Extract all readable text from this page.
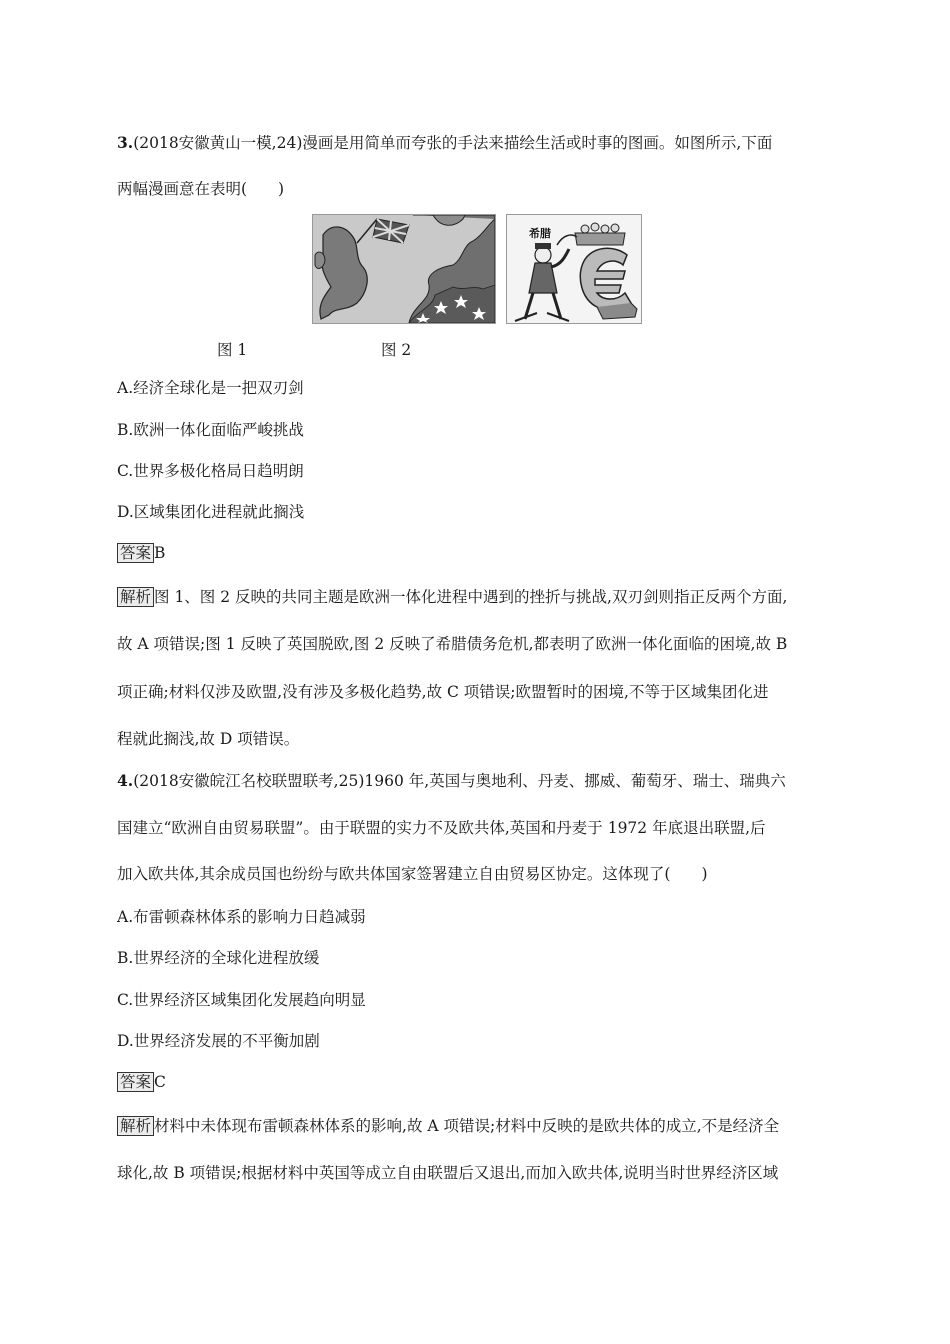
3.(2018安徽黄山一模,24)漫画是用简单而夸张的手法来描绘生活或时事的图画。如图所示,下面
两幅漫画意在表明(　　)
希腊
图 1	图 2
A.经济全球化是一把双刃剑
B.欧洲一体化面临严峻挑战
C.世界多极化格局日趋明朗
D.区域集团化进程就此搁浅
答案 B
解析 图 1、图 2 反映的共同主题是欧洲一体化进程中遇到的挫折与挑战,双刃剑则指正反两个方面,
故 A 项错误;图 1 反映了英国脱欧,图 2 反映了希腊债务危机,都表明了欧洲一体化面临的困境,故 B
项正确;材料仅涉及欧盟,没有涉及多极化趋势,故 C 项错误;欧盟暂时的困境,不等于区域集团化进
程就此搁浅,故 D 项错误。
4.(2018安徽皖江名校联盟联考,25)1960 年,英国与奥地利、丹麦、挪威、葡萄牙、瑞士、瑞典六
国建立“欧洲自由贸易联盟”。由于联盟的实力不及欧共体,英国和丹麦于 1972 年底退出联盟,后
加入欧共体,其余成员国也纷纷与欧共体国家签署建立自由贸易区协定。这体现了(　　)
A.布雷顿森林体系的影响力日趋减弱
B.世界经济的全球化进程放缓
C.世界经济区域集团化发展趋向明显
D.世界经济发展的不平衡加剧
答案 C
解析 材料中未体现布雷顿森林体系的影响,故 A 项错误;材料中反映的是欧共体的成立,不是经济全
球化,故 B 项错误;根据材料中英国等成立自由联盟后又退出,而加入欧共体,说明当时世界经济区域
